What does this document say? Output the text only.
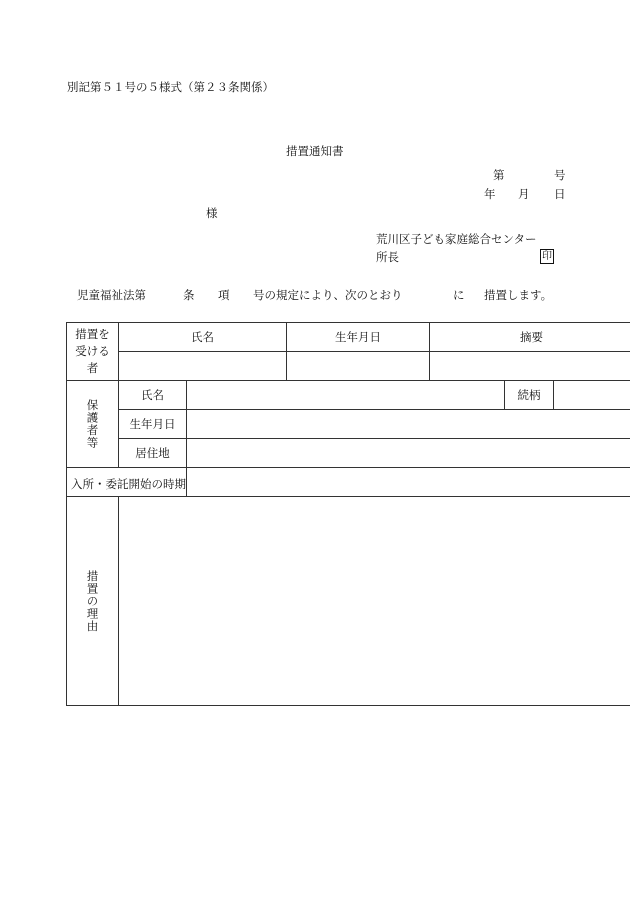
別記第５１号の５様式（第２３条関係）
措置通知書
第	号
年 月 日
様
荒川区子ども家庭総合センター
所長	印
児童福祉法第	条 項 号の規定により、次のとおり	に 措置します。
措置を受ける者	氏名		生年月日	摘要		

保護者等	氏名				続柄	
	生年月日					
	居住地					

入所・委託開始の時期						

措置の理由						
